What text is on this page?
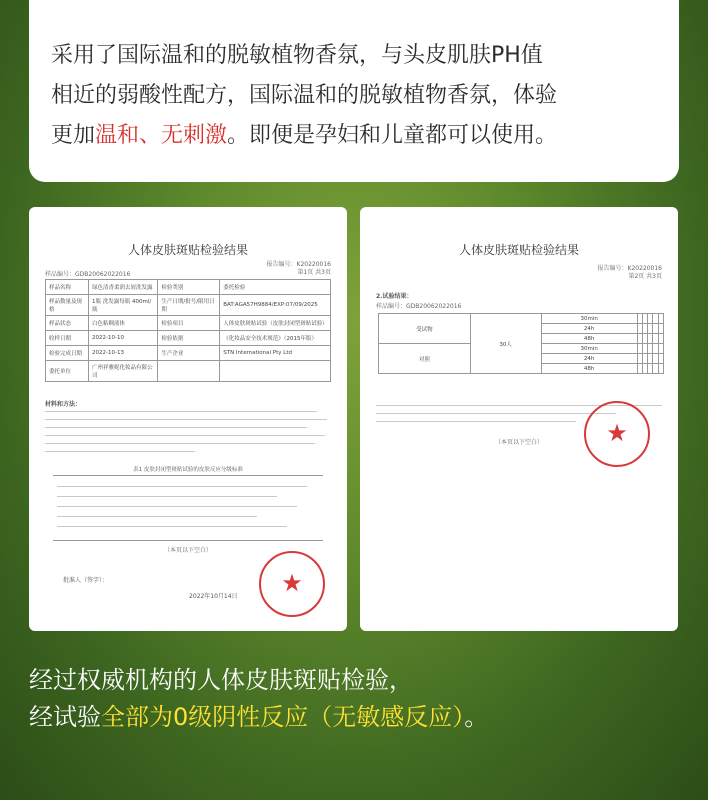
采用了国际温和的脱敏植物香氛，与头皮肌肤PH值
相近的弱酸性配方，国际温和的脱敏植物香氛，体验
更加温和、无刺激。即便是孕妇和儿童都可以使用。

人体皮肤斑贴检验结果
报告编号：K20220016
第1页 共3页
样品编号：GDB20062022016
样品名称	绿色清香柔润去屑洗发露	检验类别	委托检验
样品数量及规格	1瓶 洗发露每瓶 400ml/瓶	生产日期/批号/限用日期	BAT:AGA57H9884/EXP:07/09/2025
样品状态	白色粘稠液体	检验项目	人体皮肤斑贴试验（皮肤封闭型斑贴试验）
收样日期	2022-10-10	检验依据	《化妆品安全技术规范》（2015年版）
检验完成日期	2022-10-13	生产企业	STN International Pty Ltd
委托单位	广州祥雅妮化妆品有限公司		
材料和方法：
表1 皮肤封闭型斑贴试验的皮肤反应分级标准
（本页以下空白）
批准人（签字）：
2022年10月14日	★
人体皮肤斑贴检验结果
报告编号：K20220016
第2页 共3页
2.试验结果：
样品编号：GDB20062022016
受试物	30人	30min					
		24h					
		48h					
对照		30min					
		24h					
		48h					
（本页以下空白）	★

经过权威机构的人体皮肤斑贴检验，
经试验全部为0级阴性反应（无敏感反应）。
